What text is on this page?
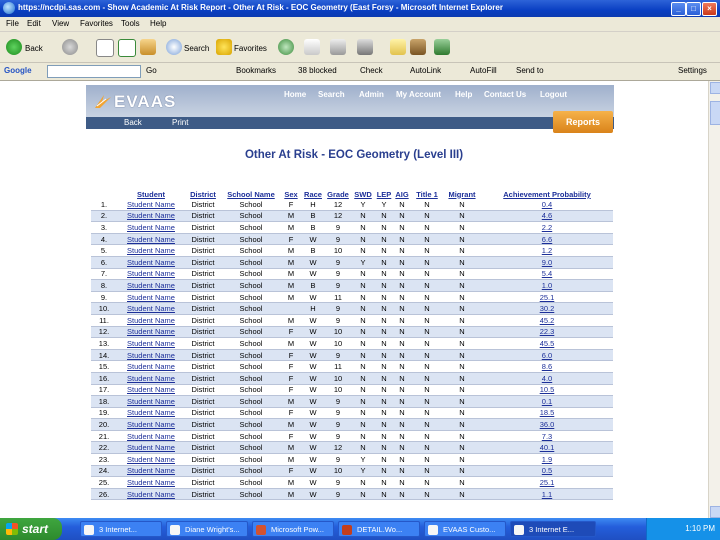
https://ncdpi.sas.com - Show Academic At Risk Report - Other At Risk - EOC Geometry (East Forsy - Microsoft Internet Explorer	_	□	×
File Edit View Favorites Tools Help
Back	Search	Favorites
Google	Go	Bookmarks	38 blocked	Check	AutoLink	AutoFill Send to	Settings
EVAAS	Home Search Admin My Account Help Contact Us Logout
Back	Print	Reports
Other At Risk - EOC Geometry (Level III)
	Student	District	School Name	Sex	Race	Grade	SWD	LEP	AIG	Title 1	Migrant	Achievement Probability
1.	Student Name	District	School	F	H	12	Y	Y	N	N	N	0.4
2.	Student Name	District	School	M	B	12	N	N	N	N	N	4.6
3.	Student Name	District	School	M	B	9	N	N	N	N	N	2.2
4.	Student Name	District	School	F	W	9	N	N	N	N	N	6.6
5.	Student Name	District	School	M	B	10	N	N	N	N	N	1.2
6.	Student Name	District	School	M	W	9	Y	N	N	N	N	9.0
7.	Student Name	District	School	M	W	9	N	N	N	N	N	5.4
8.	Student Name	District	School	M	B	9	N	N	N	N	N	1.0
9.	Student Name	District	School	M	W	11	N	N	N	N	N	25.1
10.	Student Name	District	School		H	9	N	N	N	N	N	30.2
11.	Student Name	District	School	M	W	9	N	N	N	N	N	45.2
12.	Student Name	District	School	F	W	10	N	N	N	N	N	22.3
13.	Student Name	District	School	M	W	10	N	N	N	N	N	45.5
14.	Student Name	District	School	F	W	9	N	N	N	N	N	6.0
15.	Student Name	District	School	F	W	11	N	N	N	N	N	8.6
16.	Student Name	District	School	F	W	10	N	N	N	N	N	4.0
17.	Student Name	District	School	F	W	10	N	N	N	N	N	10.5
18.	Student Name	District	School	M	W	9	N	N	N	N	N	0.1
19.	Student Name	District	School	F	W	9	N	N	N	N	N	18.5
20.	Student Name	District	School	M	W	9	N	N	N	N	N	36.0
21.	Student Name	District	School	F	W	9	N	N	N	N	N	7.3
22.	Student Name	District	School	M	W	12	N	N	N	N	N	40.1
23.	Student Name	District	School	M	W	9	Y	N	N	N	N	1.9
24.	Student Name	District	School	F	W	10	Y	N	N	N	N	0.5
25.	Student Name	District	School	M	W	9	N	N	N	N	N	25.1
26.	Student Name	District	School	M	W	9	N	N	N	N	N	1.1
start	3 Internet...	Diane Wright's...	Microsoft Pow...	DETAIL.Wo...	EVAAS Custo...	3 Internet E...	1:10 PM
